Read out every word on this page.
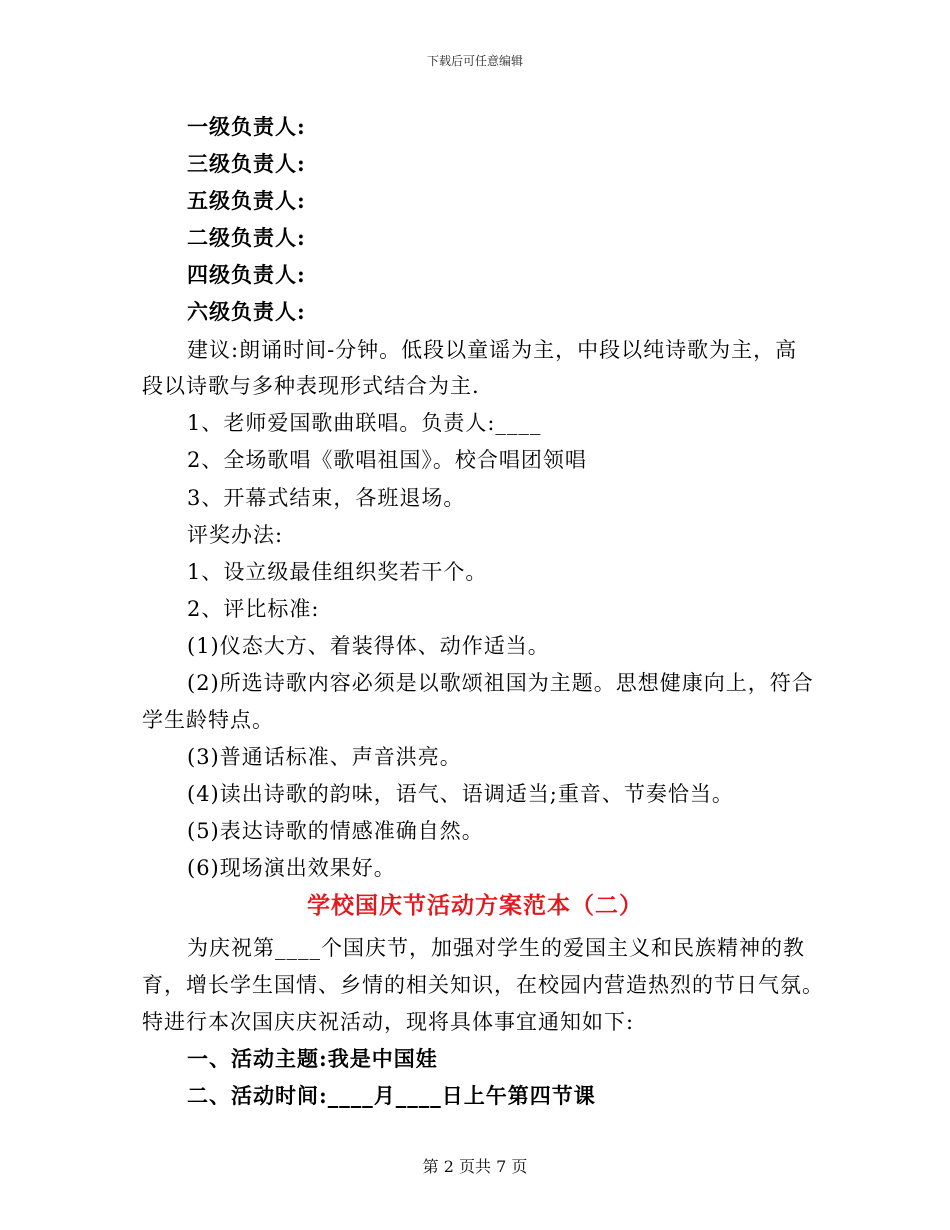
下载后可任意编辑
一级负责人:
三级负责人:
五级负责人:
二级负责人:
四级负责人:
六级负责人:
建议:朗诵时间-分钟。低段以童谣为主，中段以纯诗歌为主，高
段以诗歌与多种表现形式结合为主.
1、老师爱国歌曲联唱。负责人:____
2、全场歌唱《歌唱祖国》。校合唱团领唱
3、开幕式结束，各班退场。
评奖办法:
1、设立级最佳组织奖若干个。
2、评比标准:
(1)仪态大方、着装得体、动作适当。
(2)所选诗歌内容必须是以歌颂祖国为主题。思想健康向上，符合
学生龄特点。
(3)普通话标准、声音洪亮。
(4)读出诗歌的韵味，语气、语调适当;重音、节奏恰当。
(5)表达诗歌的情感准确自然。
(6)现场演出效果好。
学校国庆节活动方案范本（二）
为庆祝第____个国庆节，加强对学生的爱国主义和民族精神的教
育，增长学生国情、乡情的相关知识，在校园内营造热烈的节日气氛。
特进行本次国庆庆祝活动，现将具体事宜通知如下:
一、活动主题:我是中国娃
二、活动时间:____月____日上午第四节课
第 2 页共 7 页
